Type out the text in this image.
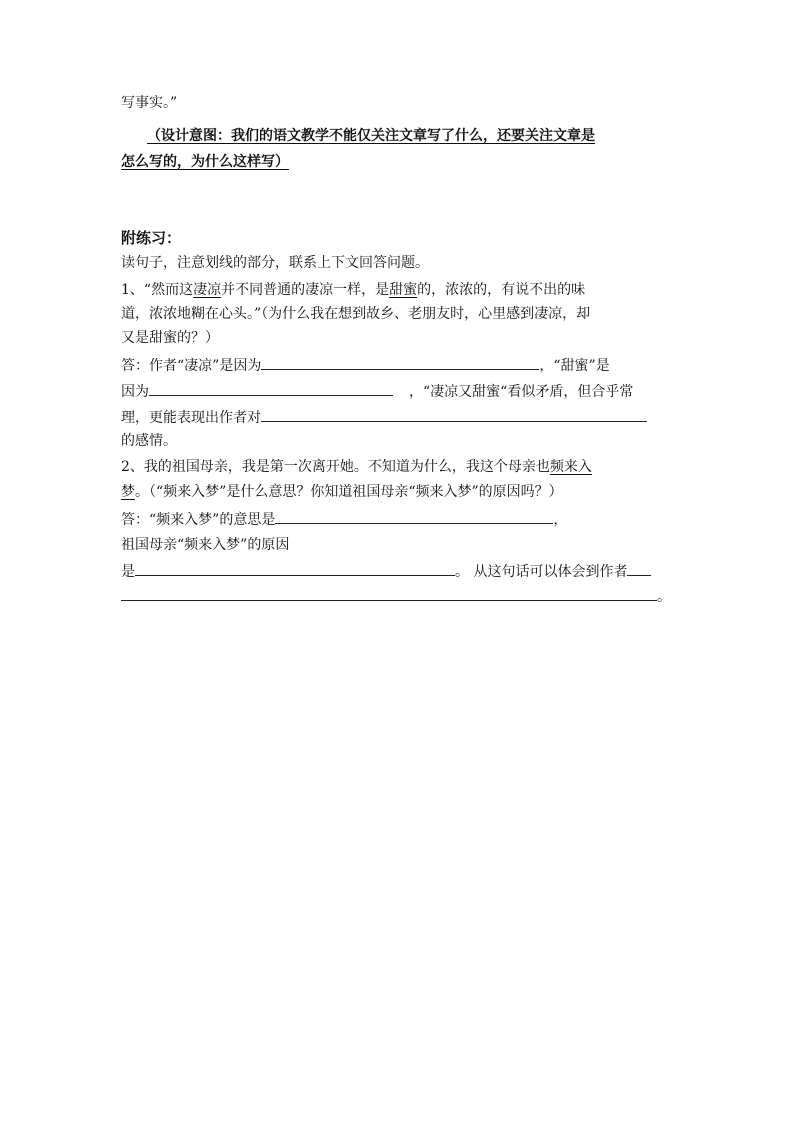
写事实。”
（设计意图：我们的语文教学不能仅关注文章写了什么，还要关注文章是
怎么写的，为什么这样写）
附练习：
读句子，注意划线的部分，联系上下文回答问题。
1、“然而这凄凉并不同普通的凄凉一样，是甜蜜的，浓浓的，有说不出的味
道，浓浓地糊在心头。”（为什么我在想到故乡、老朋友时，心里感到凄凉，却
又是甜蜜的？）
答：作者“凄凉”是因为	，“甜蜜”是
因为	，“凄凉又甜蜜“看似矛盾，但合乎常
理，更能表现出作者对
的感情。
2、我的祖国母亲，我是第一次离开她。不知道为什么，我这个母亲也频来入
梦。（“频来入梦”是什么意思？你知道祖国母亲“频来入梦”的原因吗？）
答：“频来入梦”的意思是	，
祖国母亲“频来入梦”的原因
是	。 从这句话可以体会到作者
。
